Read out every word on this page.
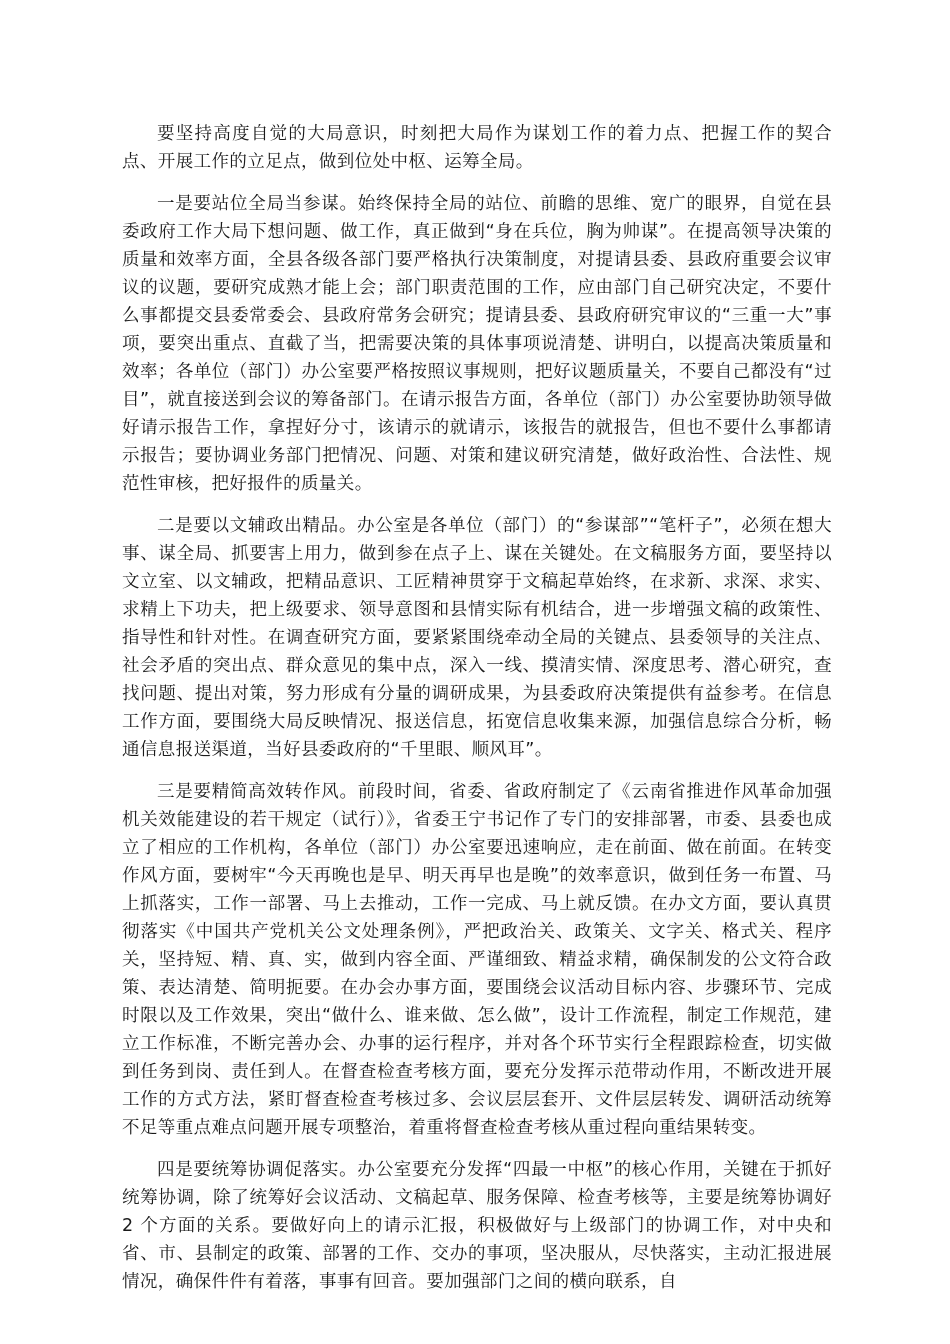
要坚持高度自觉的大局意识，时刻把大局作为谋划工作的着力点、把握工作的契合点、开展工作的立足点，做到位处中枢、运筹全局。

一是要站位全局当参谋。始终保持全局的站位、前瞻的思维、宽广的眼界，自觉在县委政府工作大局下想问题、做工作，真正做到“身在兵位，胸为帅谋”。在提高领导决策的质量和效率方面，全县各级各部门要严格执行决策制度，对提请县委、县政府重要会议审议的议题，要研究成熟才能上会；部门职责范围的工作，应由部门自己研究决定，不要什么事都提交县委常委会、县政府常务会研究；提请县委、县政府研究审议的“三重一大”事项，要突出重点、直截了当，把需要决策的具体事项说清楚、讲明白，以提高决策质量和效率；各单位（部门）办公室要严格按照议事规则，把好议题质量关，不要自己都没有“过目”，就直接送到会议的筹备部门。在请示报告方面，各单位（部门）办公室要协助领导做好请示报告工作，拿捏好分寸，该请示的就请示，该报告的就报告，但也不要什么事都请示报告；要协调业务部门把情况、问题、对策和建议研究清楚，做好政治性、合法性、规范性审核，把好报件的质量关。

二是要以文辅政出精品。办公室是各单位（部门）的“参谋部”“笔杆子”，必须在想大事、谋全局、抓要害上用力，做到参在点子上、谋在关键处。在文稿服务方面，要坚持以文立室、以文辅政，把精品意识、工匠精神贯穿于文稿起草始终，在求新、求深、求实、求精上下功夫，把上级要求、领导意图和县情实际有机结合，进一步增强文稿的政策性、指导性和针对性。在调查研究方面，要紧紧围绕牵动全局的关键点、县委领导的关注点、社会矛盾的突出点、群众意见的集中点，深入一线、摸清实情、深度思考、潜心研究，查找问题、提出对策，努力形成有分量的调研成果，为县委政府决策提供有益参考。在信息工作方面，要围绕大局反映情况、报送信息，拓宽信息收集来源，加强信息综合分析，畅通信息报送渠道，当好县委政府的“千里眼、顺风耳”。

三是要精简高效转作风。前段时间，省委、省政府制定了《云南省推进作风革命加强机关效能建设的若干规定（试行）》，省委王宁书记作了专门的安排部署，市委、县委也成立了相应的工作机构，各单位（部门）办公室要迅速响应，走在前面、做在前面。在转变作风方面，要树牢“今天再晚也是早、明天再早也是晚”的效率意识，做到任务一布置、马上抓落实，工作一部署、马上去推动，工作一完成、马上就反馈。在办文方面，要认真贯彻落实《中国共产党机关公文处理条例》，严把政治关、政策关、文字关、格式关、程序关，坚持短、精、真、实，做到内容全面、严谨细致、精益求精，确保制发的公文符合政策、表达清楚、简明扼要。在办会办事方面，要围绕会议活动目标内容、步骤环节、完成时限以及工作效果，突出“做什么、谁来做、怎么做”，设计工作流程，制定工作规范，建立工作标准，不断完善办会、办事的运行程序，并对各个环节实行全程跟踪检查，切实做到任务到岗、责任到人。在督查检查考核方面，要充分发挥示范带动作用，不断改进开展工作的方式方法，紧盯督查检查考核过多、会议层层套开、文件层层转发、调研活动统筹不足等重点难点问题开展专项整治，着重将督查检查考核从重过程向重结果转变。

四是要统筹协调促落实。办公室要充分发挥“四最一中枢”的核心作用，关键在于抓好统筹协调，除了统筹好会议活动、文稿起草、服务保障、检查考核等，主要是统筹协调好 2 个方面的关系。要做好向上的请示汇报，积极做好与上级部门的协调工作，对中央和省、市、县制定的政策、部署的工作、交办的事项，坚决服从，尽快落实，主动汇报进展情况，确保件件有着落，事事有回音。要加强部门之间的横向联系，自
